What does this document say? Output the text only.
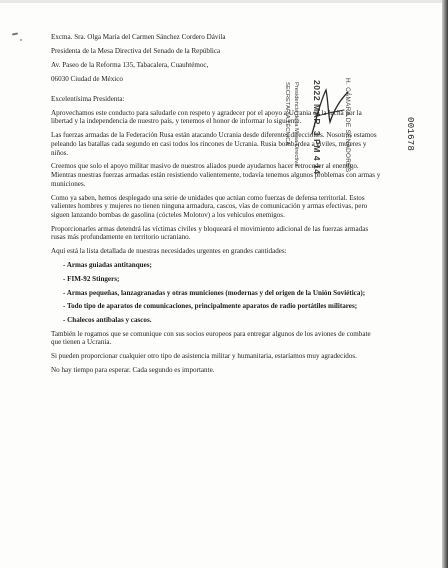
Excma. Sra. Olga María del Carmen Sánchez Cordero Dávila

Presidenta de la Mesa Directiva del Senado de la República

Av. Paseo de la Reforma 135, Tabacalera, Cuauhtémoc,

06030 Ciudad de México

Excelentísima Presidenta:

Aprovechamos este conducto para saludarle con respeto y agradecer por el apoyo a Ucrania en la lucha por la libertad y la independencia de nuestro país, y tenemos el honor de informar lo siguiente.

Las fuerzas armadas de la Federación Rusa están atacando Ucrania desde diferentes direcciones. Nosotros estamos peleando las batallas cada segundo en casi todos los rincones de Ucrania. Rusia bombardea a civiles, mujeres y niños.

Creemos que solo el apoyo militar masivo de nuestros aliados puede ayudarnos hacer retroceder al enemigo. Mientras nuestras fuerzas armadas están resistiendo valientemente, todavía tenemos algunos problemas con armas y municiones.

Como ya saben, hemos desplegado una serie de unidades que actúan como fuerzas de defensa territorial. Estos valientes hombres y mujeres no tienen ninguna armadura, cascos, vías de comunicación y armas efectivas, pero siguen lanzando bombas de gasolina (cócteles Molotov) a los vehículos enemigos.

Proporcionarles armas detendrá las víctimas civiles y bloqueará el movimiento adicional de las fuerzas armadas rusas más profundamente en territorio ucraniano.

Aquí está la lista detallada de nuestras necesidades urgentes en grandes cantidades:

- Armas guiadas antitanques;
- FIM-92 Stingers;
- Armas pequeñas, lanzagranadas y otras municiones (modernas y del origen de la Unión Soviética);
- Todo tipo de aparatos de comunicaciones, principalmente aparatos de radio portátiles militares;
- Chalecos antibalas y cascos.

También le rogamos que se comunique con sus socios europeos para entregar algunos de los aviones de combate que tienen a Ucrania.

Si pueden proporcionar cualquier otro tipo de asistencia militar y humanitaria, estaríamos muy agradecidos.

No hay tiempo para esperar. Cada segundo es importante.

H. CÁMARA DE SENADORES
2022 MAR. 3 PM 4 14
Presidencia de la Mesa Directiva
SECRETARÍA TÉCNICA	001678
